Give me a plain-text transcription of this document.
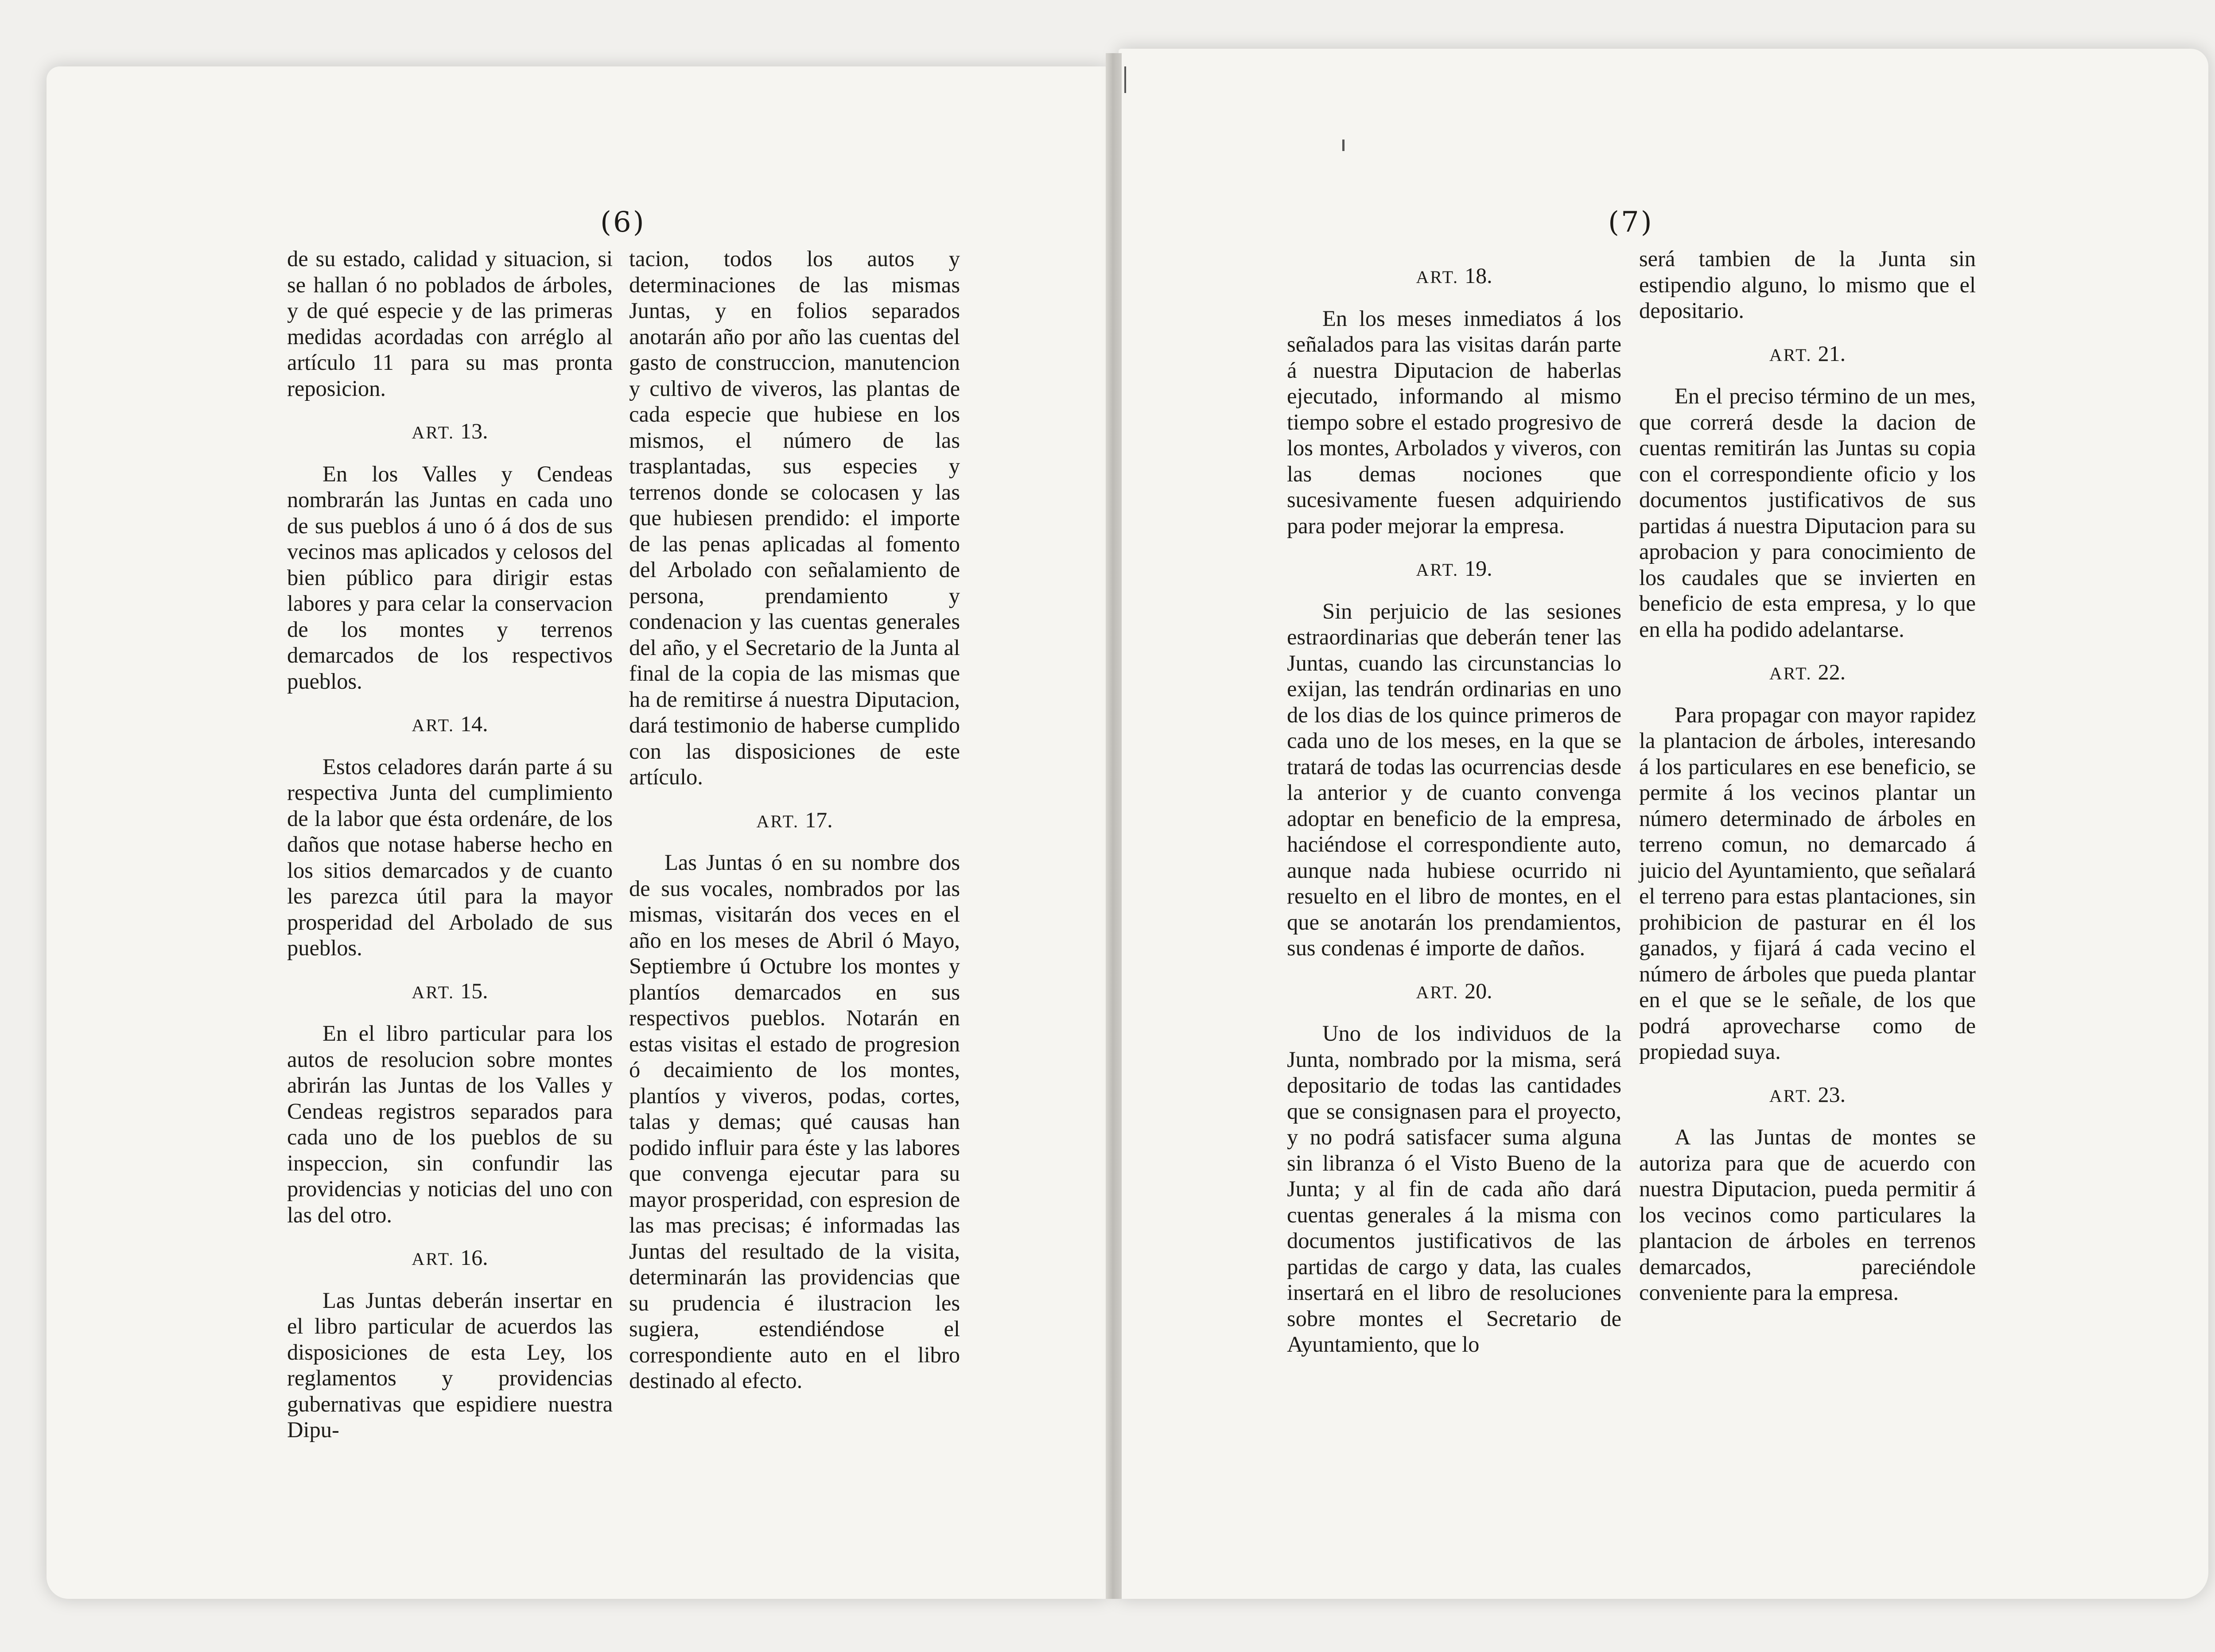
(6)	(7)

de su estado, calidad y situacion, si se hallan ó no poblados de árboles, y de qué especie y de las primeras medidas acordadas con arréglo al artículo 11 para su mas pronta reposicion.

ART. 13.

En los Valles y Cendeas nombrarán las Juntas en cada uno de sus pueblos á uno ó á dos de sus vecinos mas aplicados y celosos del bien público para dirigir estas labores y para celar la conservacion de los montes y terrenos demarcados de los respectivos pueblos.

ART. 14.

Estos celadores darán parte á su respectiva Junta del cumplimiento de la labor que ésta ordenáre, de los daños que notase haberse hecho en los sitios demarcados y de cuanto les parezca útil para la mayor prosperidad del Arbolado de sus pueblos.

ART. 15.

En el libro particular para los autos de resolucion sobre montes abrirán las Juntas de los Valles y Cendeas registros separados para cada uno de los pueblos de su inspeccion, sin confundir las providencias y noticias del uno con las del otro.

ART. 16.

Las Juntas deberán insertar en el libro particular de acuerdos las disposiciones de esta Ley, los reglamentos y providencias gubernativas que espidiere nuestra Dipu-

tacion, todos los autos y determinaciones de las mismas Juntas, y en folios separados anotarán año por año las cuentas del gasto de construccion, manutencion y cultivo de viveros, las plantas de cada especie que hubiese en los mismos, el número de las trasplantadas, sus especies y terrenos donde se colocasen y las que hubiesen prendido: el importe de las penas aplicadas al fomento del Arbolado con señalamiento de persona, prendamiento y condenacion y las cuentas generales del año, y el Secretario de la Junta al final de la copia de las mismas que ha de remitirse á nuestra Diputacion, dará testimonio de haberse cumplido con las disposiciones de este artículo.

ART. 17.

Las Juntas ó en su nombre dos de sus vocales, nombrados por las mismas, visitarán dos veces en el año en los meses de Abril ó Mayo, Septiembre ú Octubre los montes y plantíos demarcados en sus respectivos pueblos. Notarán en estas visitas el estado de progresion ó decaimiento de los montes, plantíos y viveros, podas, cortes, talas y demas; qué causas han podido influir para éste y las labores que convenga ejecutar para su mayor prosperidad, con espresion de las mas precisas; é informadas las Juntas del resultado de la visita, determinarán las providencias que su prudencia é ilustracion les sugiera, estendiéndose el correspondiente auto en el libro destinado al efecto.

ART. 18.

En los meses inmediatos á los señalados para las visitas darán parte á nuestra Diputacion de haberlas ejecutado, informando al mismo tiempo sobre el estado progresivo de los montes, Arbolados y viveros, con las demas nociones que sucesivamente fuesen adquiriendo para poder mejorar la empresa.

ART. 19.

Sin perjuicio de las sesiones estraordinarias que deberán tener las Juntas, cuando las circunstancias lo exijan, las tendrán ordinarias en uno de los dias de los quince primeros de cada uno de los meses, en la que se tratará de todas las ocurrencias desde la anterior y de cuanto convenga adoptar en beneficio de la empresa, haciéndose el correspondiente auto, aunque nada hubiese ocurrido ni resuelto en el libro de montes, en el que se anotarán los prendamientos, sus condenas é importe de daños.

ART. 20.

Uno de los individuos de la Junta, nombrado por la misma, será depositario de todas las cantidades que se consignasen para el proyecto, y no podrá satisfacer suma alguna sin libranza ó el Visto Bueno de la Junta; y al fin de cada año dará cuentas generales á la misma con documentos justificativos de las partidas de cargo y data, las cuales insertará en el libro de resoluciones sobre montes el Secretario de Ayuntamiento, que lo

será tambien de la Junta sin estipendio alguno, lo mismo que el depositario.

ART. 21.

En el preciso término de un mes, que correrá desde la dacion de cuentas remitirán las Juntas su copia con el correspondiente oficio y los documentos justificativos de sus partidas á nuestra Diputacion para su aprobacion y para conocimiento de los caudales que se invierten en beneficio de esta empresa, y lo que en ella ha podido adelantarse.

ART. 22.

Para propagar con mayor rapidez la plantacion de árboles, interesando á los particulares en ese beneficio, se permite á los vecinos plantar un número determinado de árboles en terreno comun, no demarcado á juicio del Ayuntamiento, que señalará el terreno para estas plantaciones, sin prohibicion de pasturar en él los ganados, y fijará á cada vecino el número de árboles que pueda plantar en el que se le señale, de los que podrá aprovecharse como de propiedad suya.

ART. 23.

A las Juntas de montes se autoriza para que de acuerdo con nuestra Diputacion, pueda permitir á los vecinos como particulares la plantacion de árboles en terrenos demarcados, pareciéndole conveniente para la empresa.
